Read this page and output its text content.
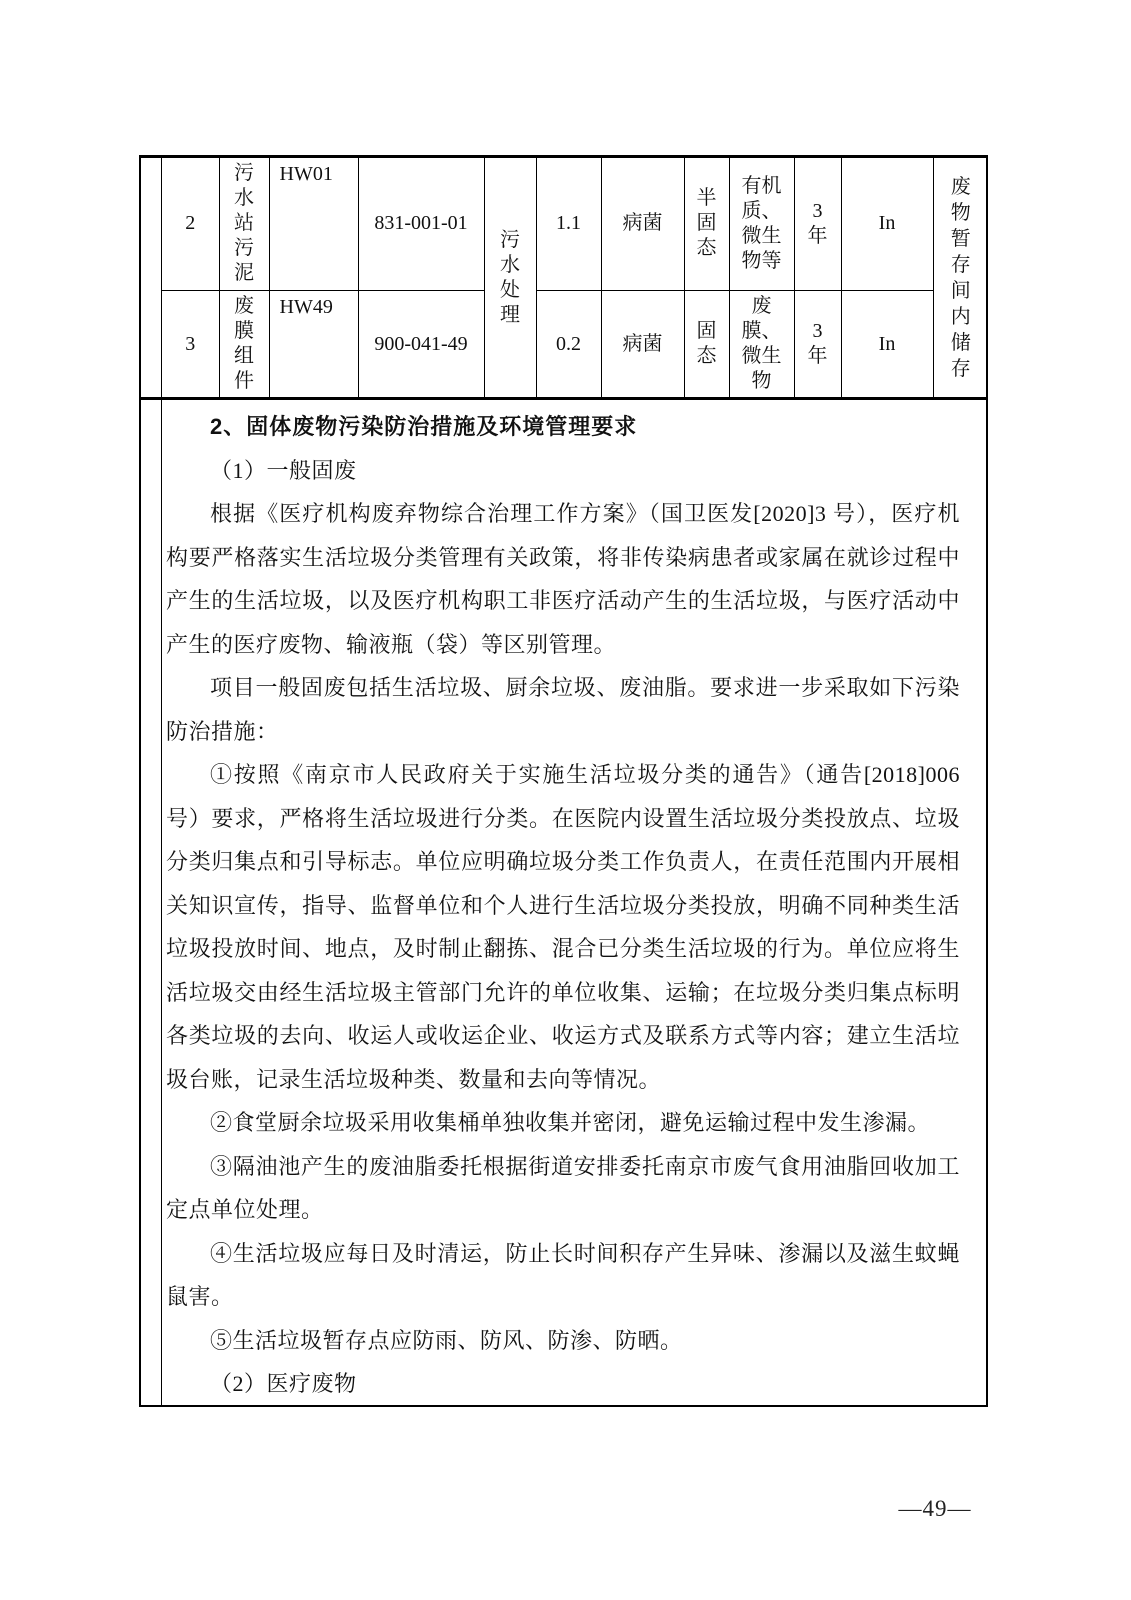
2	污水站污泥	HW01	831-001-01	污水处理	1.1	病菌	半固态	有机质、微生物等	3年	In	废物暂存间内储存

3	废膜组件	HW49	900-041-49		0.2	病菌	固态	废膜、微生物	3年	In	

2、固体废物污染防治措施及环境管理要求

（1）一般固废

根据《医疗机构废弃物综合治理工作方案》（国卫医发[2020]3 号），医疗机构要严格落实生活垃圾分类管理有关政策，将非传染病患者或家属在就诊过程中产生的生活垃圾，以及医疗机构职工非医疗活动产生的生活垃圾，与医疗活动中产生的医疗废物、输液瓶（袋）等区别管理。

项目一般固废包括生活垃圾、厨余垃圾、废油脂。要求进一步采取如下污染防治措施：

①按照《南京市人民政府关于实施生活垃圾分类的通告》（通告[2018]006 号）要求，严格将生活垃圾进行分类。在医院内设置生活垃圾分类投放点、垃圾分类归集点和引导标志。单位应明确垃圾分类工作负责人，在责任范围内开展相关知识宣传，指导、监督单位和个人进行生活垃圾分类投放，明确不同种类生活垃圾投放时间、地点，及时制止翻拣、混合已分类生活垃圾的行为。单位应将生活垃圾交由经生活垃圾主管部门允许的单位收集、运输；在垃圾分类归集点标明各类垃圾的去向、收运人或收运企业、收运方式及联系方式等内容；建立生活垃圾台账，记录生活垃圾种类、数量和去向等情况。

②食堂厨余垃圾采用收集桶单独收集并密闭，避免运输过程中发生渗漏。

③隔油池产生的废油脂委托根据街道安排委托南京市废气食用油脂回收加工定点单位处理。

④生活垃圾应每日及时清运，防止长时间积存产生异味、渗漏以及滋生蚊蝇鼠害。

⑤生活垃圾暂存点应防雨、防风、防渗、防晒。

（2）医疗废物

—49—
